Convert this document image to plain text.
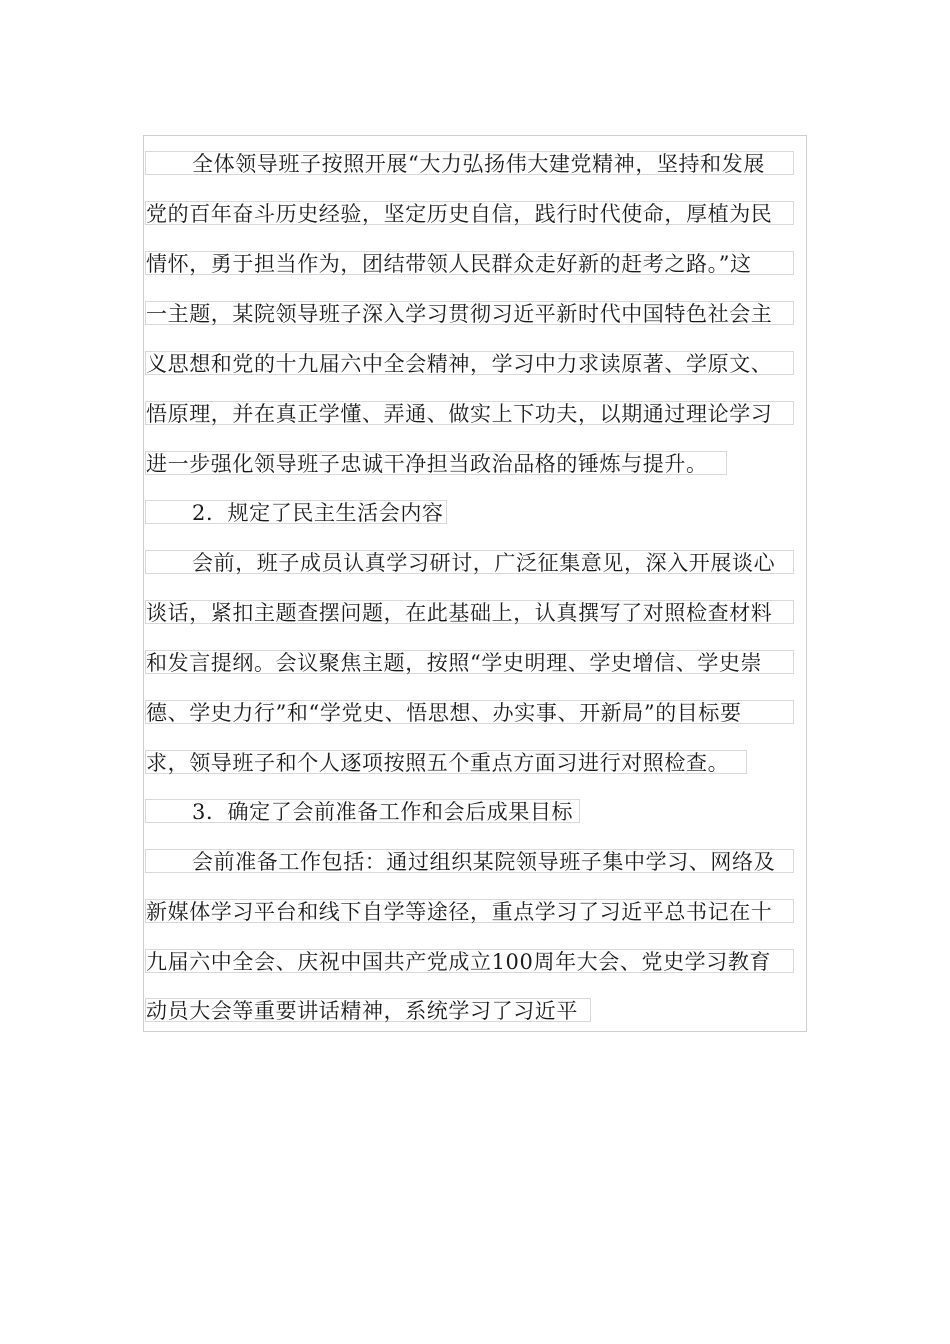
全体领导班子按照开展“大力弘扬伟大建党精神，坚持和发展
党的百年奋斗历史经验，坚定历史自信，践行时代使命，厚植为民
情怀，勇于担当作为，团结带领人民群众走好新的赶考之路。”这
一主题，某院领导班子深入学习贯彻习近平新时代中国特色社会主
义思想和党的十九届六中全会精神，学习中力求读原著、学原文、
悟原理，并在真正学懂、弄通、做实上下功夫，以期通过理论学习
进一步强化领导班子忠诚干净担当政治品格的锤炼与提升。
2．规定了民主生活会内容
会前，班子成员认真学习研讨，广泛征集意见，深入开展谈心
谈话，紧扣主题查摆问题，在此基础上，认真撰写了对照检查材料
和发言提纲。会议聚焦主题，按照“学史明理、学史增信、学史崇
德、学史力行”和“学党史、悟思想、办实事、开新局”的目标要
求，领导班子和个人逐项按照五个重点方面习进行对照检查。
3．确定了会前准备工作和会后成果目标
会前准备工作包括：通过组织某院领导班子集中学习、网络及
新媒体学习平台和线下自学等途径，重点学习了习近平总书记在十
九届六中全会、庆祝中国共产党成立100周年大会、党史学习教育
动员大会等重要讲话精神，系统学习了习近平
